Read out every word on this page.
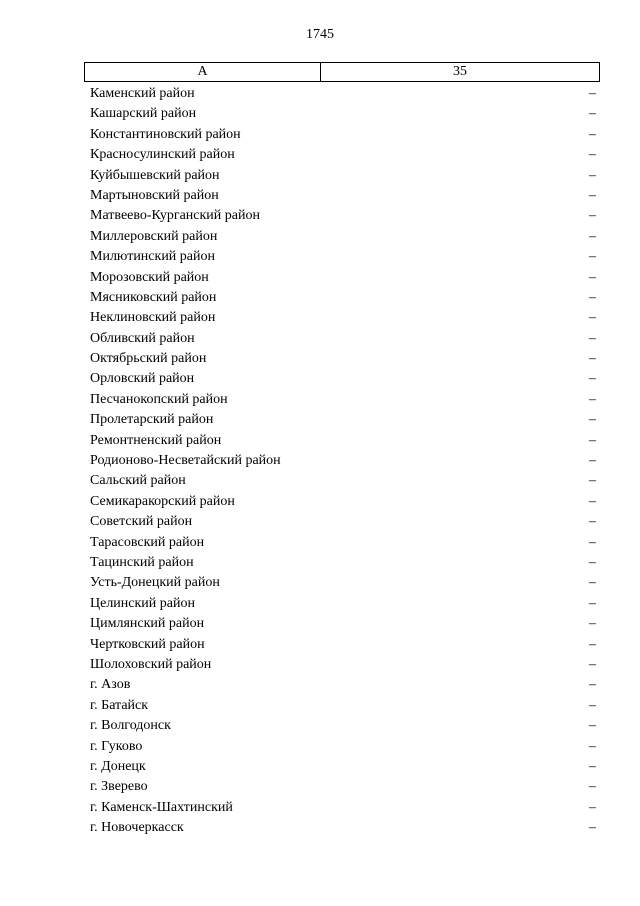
1745
А	35
Каменский район	–
Кашарский район	–
Константиновский район	–
Красносулинский район	–
Куйбышевский район	–
Мартыновский район	–
Матвеево-Курганский район	–
Миллеровский район	–
Милютинский район	–
Морозовский район	–
Мясниковский район	–
Неклиновский район	–
Обливский район	–
Октябрьский район	–
Орловский район	–
Песчанокопский район	–
Пролетарский район	–
Ремонтненский район	–
Родионово-Несветайский район	–
Сальский район	–
Семикаракорский район	–
Советский район	–
Тарасовский район	–
Тацинский район	–
Усть-Донецкий район	–
Целинский район	–
Цимлянский район	–
Чертковский район	–
Шолоховский район	–
г. Азов	–
г. Батайск	–
г. Волгодонск	–
г. Гуково	–
г. Донецк	–
г. Зверево	–
г. Каменск-Шахтинский	–
г. Новочеркасск	–
